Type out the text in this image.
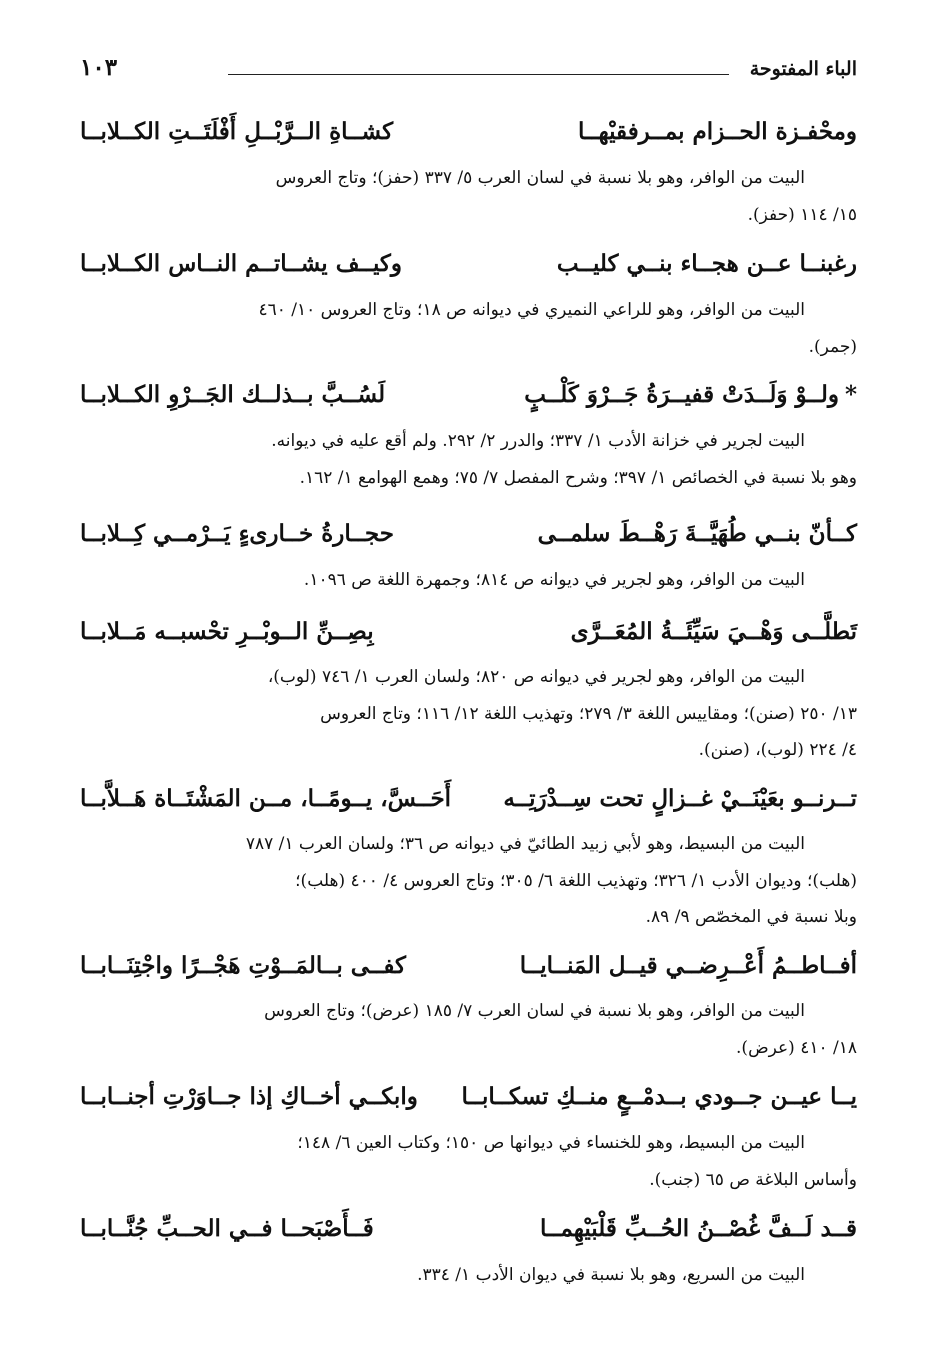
الباء المفتوحة
١٠٣
ومحْفـزة الحــزام بمــرفقيْهــا
كشــاةِ الــرَّبْــلِ أَفْلَتَــتِ الكــلابــا

البيت من الوافر، وهو بلا نسبة في لسان العرب ٥/ ٣٣٧ (حفز)؛ وتاج العروس

١٥/ ١١٤ (حفز).

رغبنــا عــن هجــاء بنــي كليــب
وكيــف يشــاتــم النــاس الكــلابــا

البيت من الوافر، وهو للراعي النميري في ديوانه ص ١٨؛ وتاج العروس ١٠/ ٤٦٠

(جمر).

*ولــوْ وَلَــدَتْ قفيــرَةُ جَــرْوَ كَلْــبٍ
لَسُــبَّ بــذلــك الجَــرْوِ الكــلابــا

البيت لجرير في خزانة الأدب ١/ ٣٣٧؛ والدرر ٢/ ٢٩٢. ولم أقع عليه في ديوانه.

وهو بلا نسبة في الخصائص ١/ ٣٩٧؛ وشرح المفصل ٧/ ٧٥؛ وهمع الهوامع ١/ ١٦٢.

كــأنّ بنــي طُهَيَّــةَ رَهْــطَ سلمــى
حجــارةُ خــارىءٍ يَــرْمــي كِــلابــا

البيت من الوافر، وهو لجرير في ديوانه ص ٨١٤؛ وجمهرة اللغة ص ١٠٩٦.

تَطلَّــى وَهْــيَ سَيِّئَــةُ المُعَــرَّى
بِصِــنِّ الــوبْــرِ تحْسبــه مَــلابــا

البيت من الوافر، وهو لجرير في ديوانه ص ٨٢٠؛ ولسان العرب ١/ ٧٤٦ (لوب)،

١٣/ ٢٥٠ (صنن)؛ ومقاييس اللغة ٣/ ٢٧٩؛ وتهذيب اللغة ١٢/ ١١٦؛ وتاج العروس

٤/ ٢٢٤ (لوب)، (صنن).

تــرنــو بعَيْنَــيْ غــزالٍ تحت سِــدْرَتِــه
أَحَــسَّ، يــومًــا، مــن المَشْتَــاة هَــلاَّبــا

البيت من البسيط، وهو لأبي زبيد الطائيّ في ديوانه ص ٣٦؛ ولسان العرب ١/ ٧٨٧

(هلب)؛ وديوان الأدب ١/ ٣٢٦؛ وتهذيب اللغة ٦/ ٣٠٥؛ وتاج العروس ٤/ ٤٠٠ (هلب)؛

وبلا نسبة في المخصّص ٩/ ٨٩.

أفــاطــمُ أَعْــرِضــي قيــل المَنــايــا
كفــى بــالمَــوْتِ هَجْــرًا واجْتِنَــابــا

البيت من الوافر، وهو بلا نسبة في لسان العرب ٧/ ١٨٥ (عرض)؛ وتاج العروس

١٨/ ٤١٠ (عرض).

يــا عيــن جــودي بــدمْــعٍ منــكِ تسكــابــا
وابكــي أخــاكِ إذا جــاوَرْتِ أجنــابــا

البيت من البسيط، وهو للخنساء في ديوانها ص ١٥٠؛ وكتاب العين ٦/ ١٤٨؛

وأساس البلاغة ص ٦٥ (جنب).

قــد لَــفَّ غُصْــنُ الحُــبِّ قَلْبَيْهِمــا
فَــأَصْبَحــا فــي الحــبِّ جُنَّــابــا

البيت من السريع، وهو بلا نسبة في ديوان الأدب ١/ ٣٣٤.
